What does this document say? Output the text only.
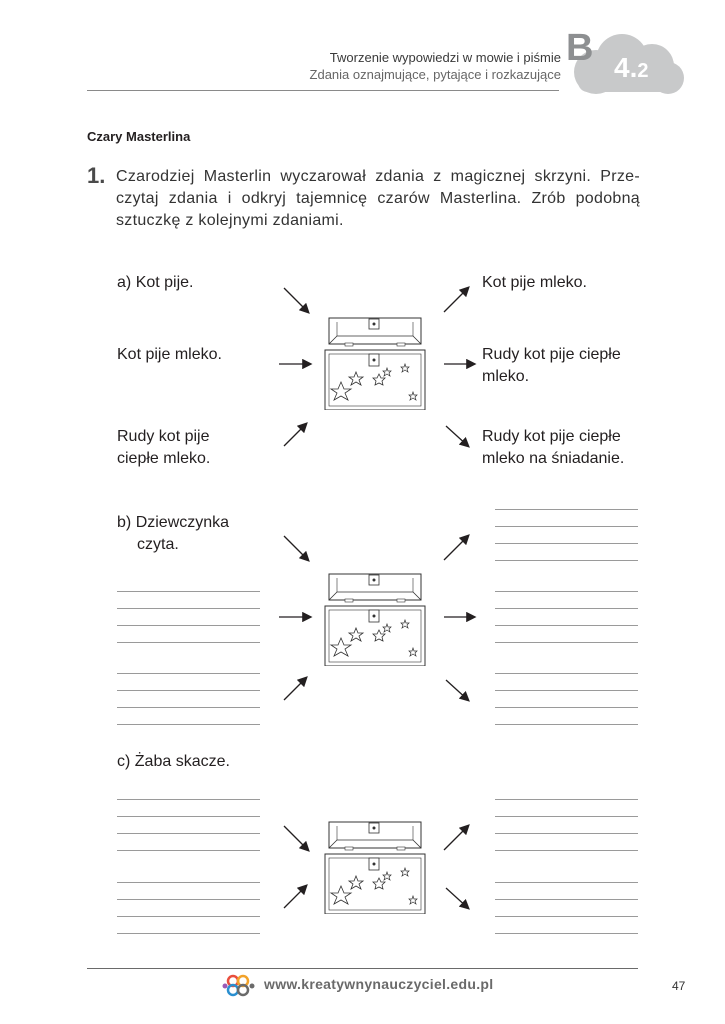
Tworzenie wypowiedzi w mowie i piśmie
Zdania oznajmujące, pytające i rozkazujące
B 4.2
Czary Masterlina
1. Czarodziej Masterlin wyczarował zdania z magicznej skrzyni. Prze-
czytaj zdania i odkryj tajemnicę czarów Masterlina. Zrób podobną
sztuczkę z kolejnymi zdaniami.
a) Kot pije.
Kot pije mleko.
Rudy kot pije
ciepłe mleko.
Kot pije mleko.
Rudy kot pije ciepłe
mleko.
Rudy kot pije ciepłe
mleko na śniadanie.
b) Dziewczynka
czyta.
c) Żaba skacze.
www.kreatywnynauczyciel.edu.pl	47
